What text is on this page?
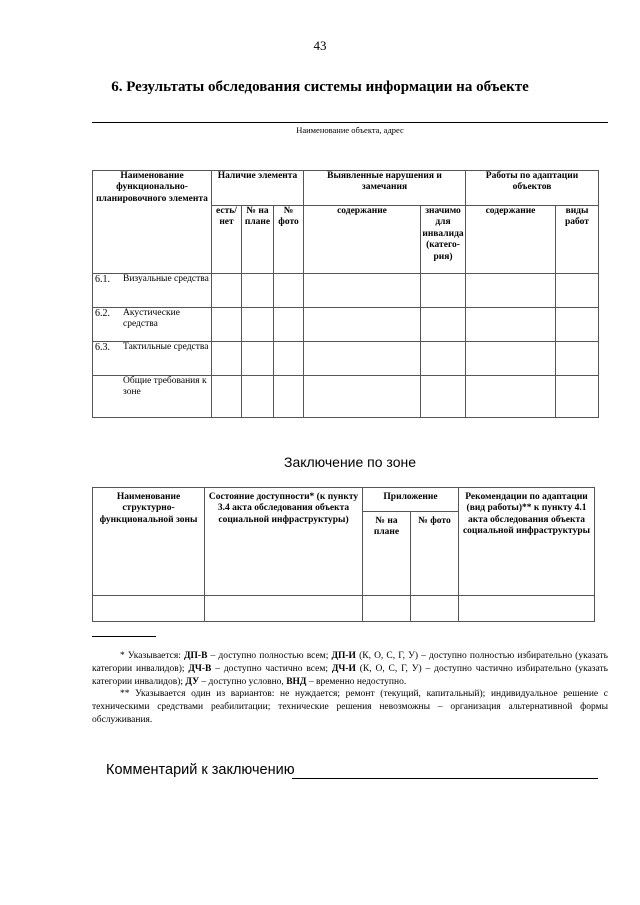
43
6. Результаты обследования системы информации на объекте
Наименование объекта, адрес
Наименование функционально-планировочного элемента	Наличие элемента			Выявленные нарушения и замечания		Работы по адаптации объектов	
	есть/ нет	№ на плане	№ фото	содержание	значимо для инвалида (катего-рия)	содержание	виды работ
6.1. Визуальные средства							
6.2. Акустические средства							
6.3. Тактильные средства							
Общие требования к зоне							
Заключение по зоне
Наименование структурно-функциональной зоны	Состояние доступности* (к пункту 3.4 акта обследования объекта социальной инфраструктуры)	Приложение		Рекомендации по адаптации (вид работы)** к пункту 4.1 акта обследования объекта социальной инфраструктуры
		№ на плане	№ фото	

* Указывается: ДП-В – доступно полностью всем; ДП-И (К, О, С, Г, У) – доступно полностью избирательно (указать категории инвалидов); ДЧ-В – доступно частично всем; ДЧ-И (К, О, С, Г, У) – доступно частично избирательно (указать категории инвалидов); ДУ – доступно условно, ВНД – временно недоступно.

** Указывается один из вариантов: не нуждается; ремонт (текущий, капитальный); индивидуальное решение с техническими средствами реабилитации; технические решения невозможны – организация альтернативной формы обслуживания.

Комментарий к заключению
